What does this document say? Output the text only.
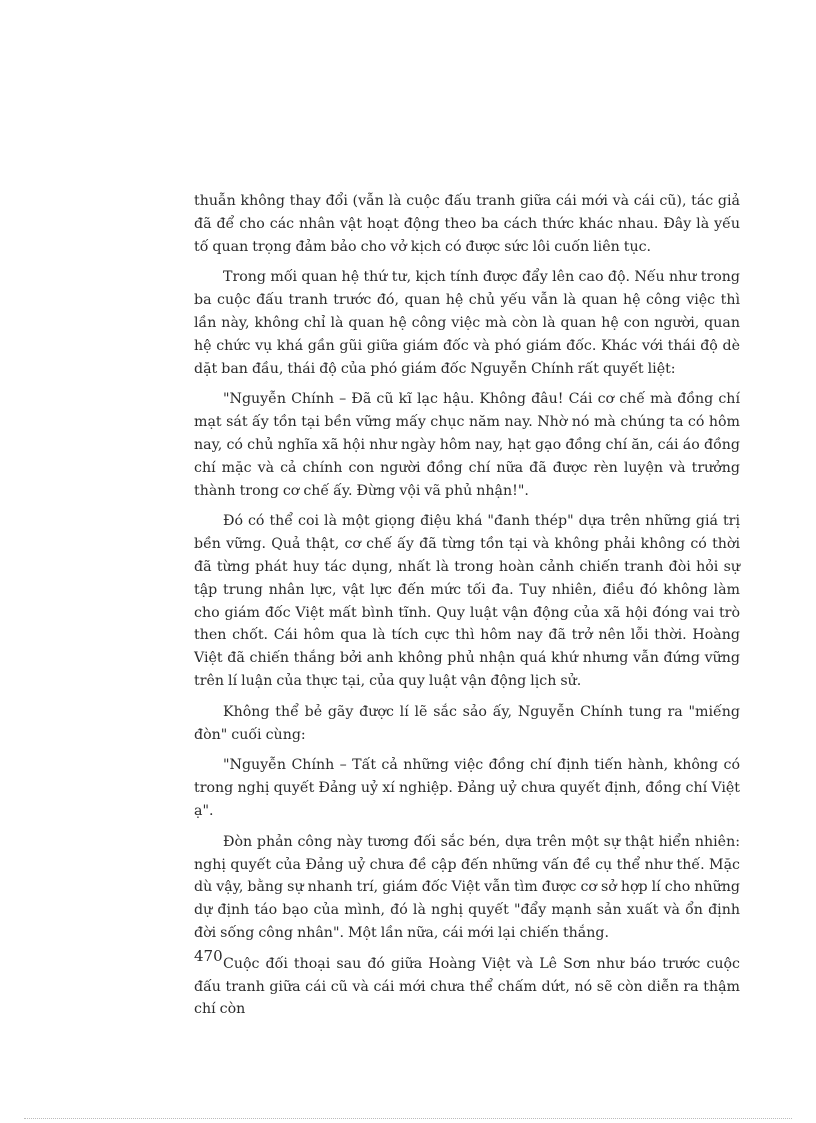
thuẫn không thay đổi (vẫn là cuộc đấu tranh giữa cái mới và cái cũ), tác giả đã để cho các nhân vật hoạt động theo ba cách thức khác nhau. Đây là yếu tố quan trọng đảm bảo cho vở kịch có được sức lôi cuốn liên tục.

Trong mối quan hệ thứ tư, kịch tính được đẩy lên cao độ. Nếu như trong ba cuộc đấu tranh trước đó, quan hệ chủ yếu vẫn là quan hệ công việc thì lần này, không chỉ là quan hệ công việc mà còn là quan hệ con người, quan hệ chức vụ khá gần gũi giữa giám đốc và phó giám đốc. Khác với thái độ dè dặt ban đầu, thái độ của phó giám đốc Nguyễn Chính rất quyết liệt:

"Nguyễn Chính – Đã cũ kĩ lạc hậu. Không đâu! Cái cơ chế mà đồng chí mạt sát ấy tồn tại bền vững mấy chục năm nay. Nhờ nó mà chúng ta có hôm nay, có chủ nghĩa xã hội như ngày hôm nay, hạt gạo đồng chí ăn, cái áo đồng chí mặc và cả chính con người đồng chí nữa đã được rèn luyện và trưởng thành trong cơ chế ấy. Đừng vội vã phủ nhận!".

Đó có thể coi là một giọng điệu khá "đanh thép" dựa trên những giá trị bền vững. Quả thật, cơ chế ấy đã từng tồn tại và không phải không có thời đã từng phát huy tác dụng, nhất là trong hoàn cảnh chiến tranh đòi hỏi sự tập trung nhân lực, vật lực đến mức tối đa. Tuy nhiên, điều đó không làm cho giám đốc Việt mất bình tĩnh. Quy luật vận động của xã hội đóng vai trò then chốt. Cái hôm qua là tích cực thì hôm nay đã trở nên lỗi thời. Hoàng Việt đã chiến thắng bởi anh không phủ nhận quá khứ nhưng vẫn đứng vững trên lí luận của thực tại, của quy luật vận động lịch sử.

Không thể bẻ gãy được lí lẽ sắc sảo ấy, Nguyễn Chính tung ra "miếng đòn" cuối cùng:

"Nguyễn Chính – Tất cả những việc đồng chí định tiến hành, không có trong nghị quyết Đảng uỷ xí nghiệp. Đảng uỷ chưa quyết định, đồng chí Việt ạ".

Đòn phản công này tương đối sắc bén, dựa trên một sự thật hiển nhiên: nghị quyết của Đảng uỷ chưa đề cập đến những vấn đề cụ thể như thế. Mặc dù vậy, bằng sự nhanh trí, giám đốc Việt vẫn tìm được cơ sở hợp lí cho những dự định táo bạo của mình, đó là nghị quyết "đẩy mạnh sản xuất và ổn định đời sống công nhân". Một lần nữa, cái mới lại chiến thắng.

Cuộc đối thoại sau đó giữa Hoàng Việt và Lê Sơn như báo trước cuộc đấu tranh giữa cái cũ và cái mới chưa thể chấm dứt, nó sẽ còn diễn ra thậm chí còn

470
